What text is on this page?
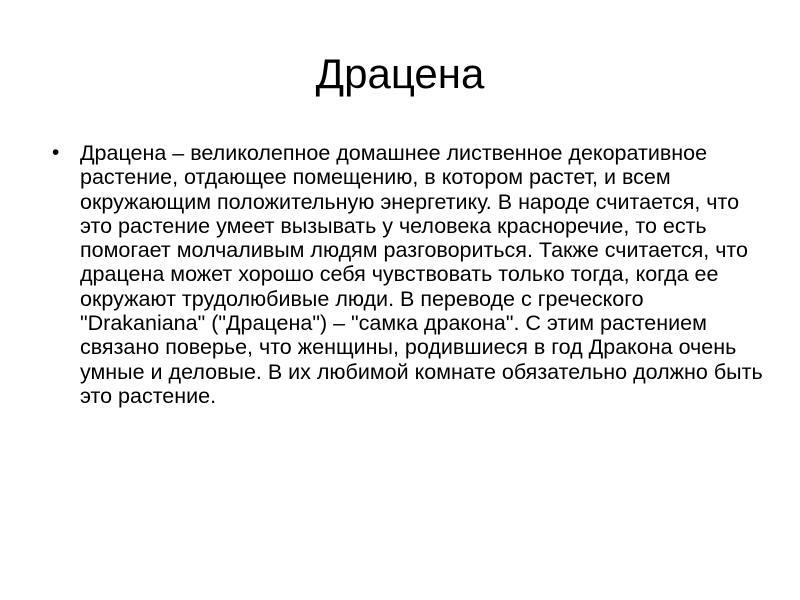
Драцена
• Драцена – великолепное домашнее лиственное декоративное растение, отдающее помещению, в котором растет, и всем окружающим положительную энергетику. В народе считается, что это растение умеет вызывать у человека красноречие, то есть помогает молчаливым людям разговориться. Также считается, что драцена может хорошо себя чувствовать только тогда, когда ее окружают трудолюбивые люди. В переводе с греческого "Drakaniana" ("Драцена") – "самка дракона". С этим растением связано поверье, что женщины, родившиеся в год Дракона очень умные и деловые. В их любимой комнате обязательно должно быть это растение.
